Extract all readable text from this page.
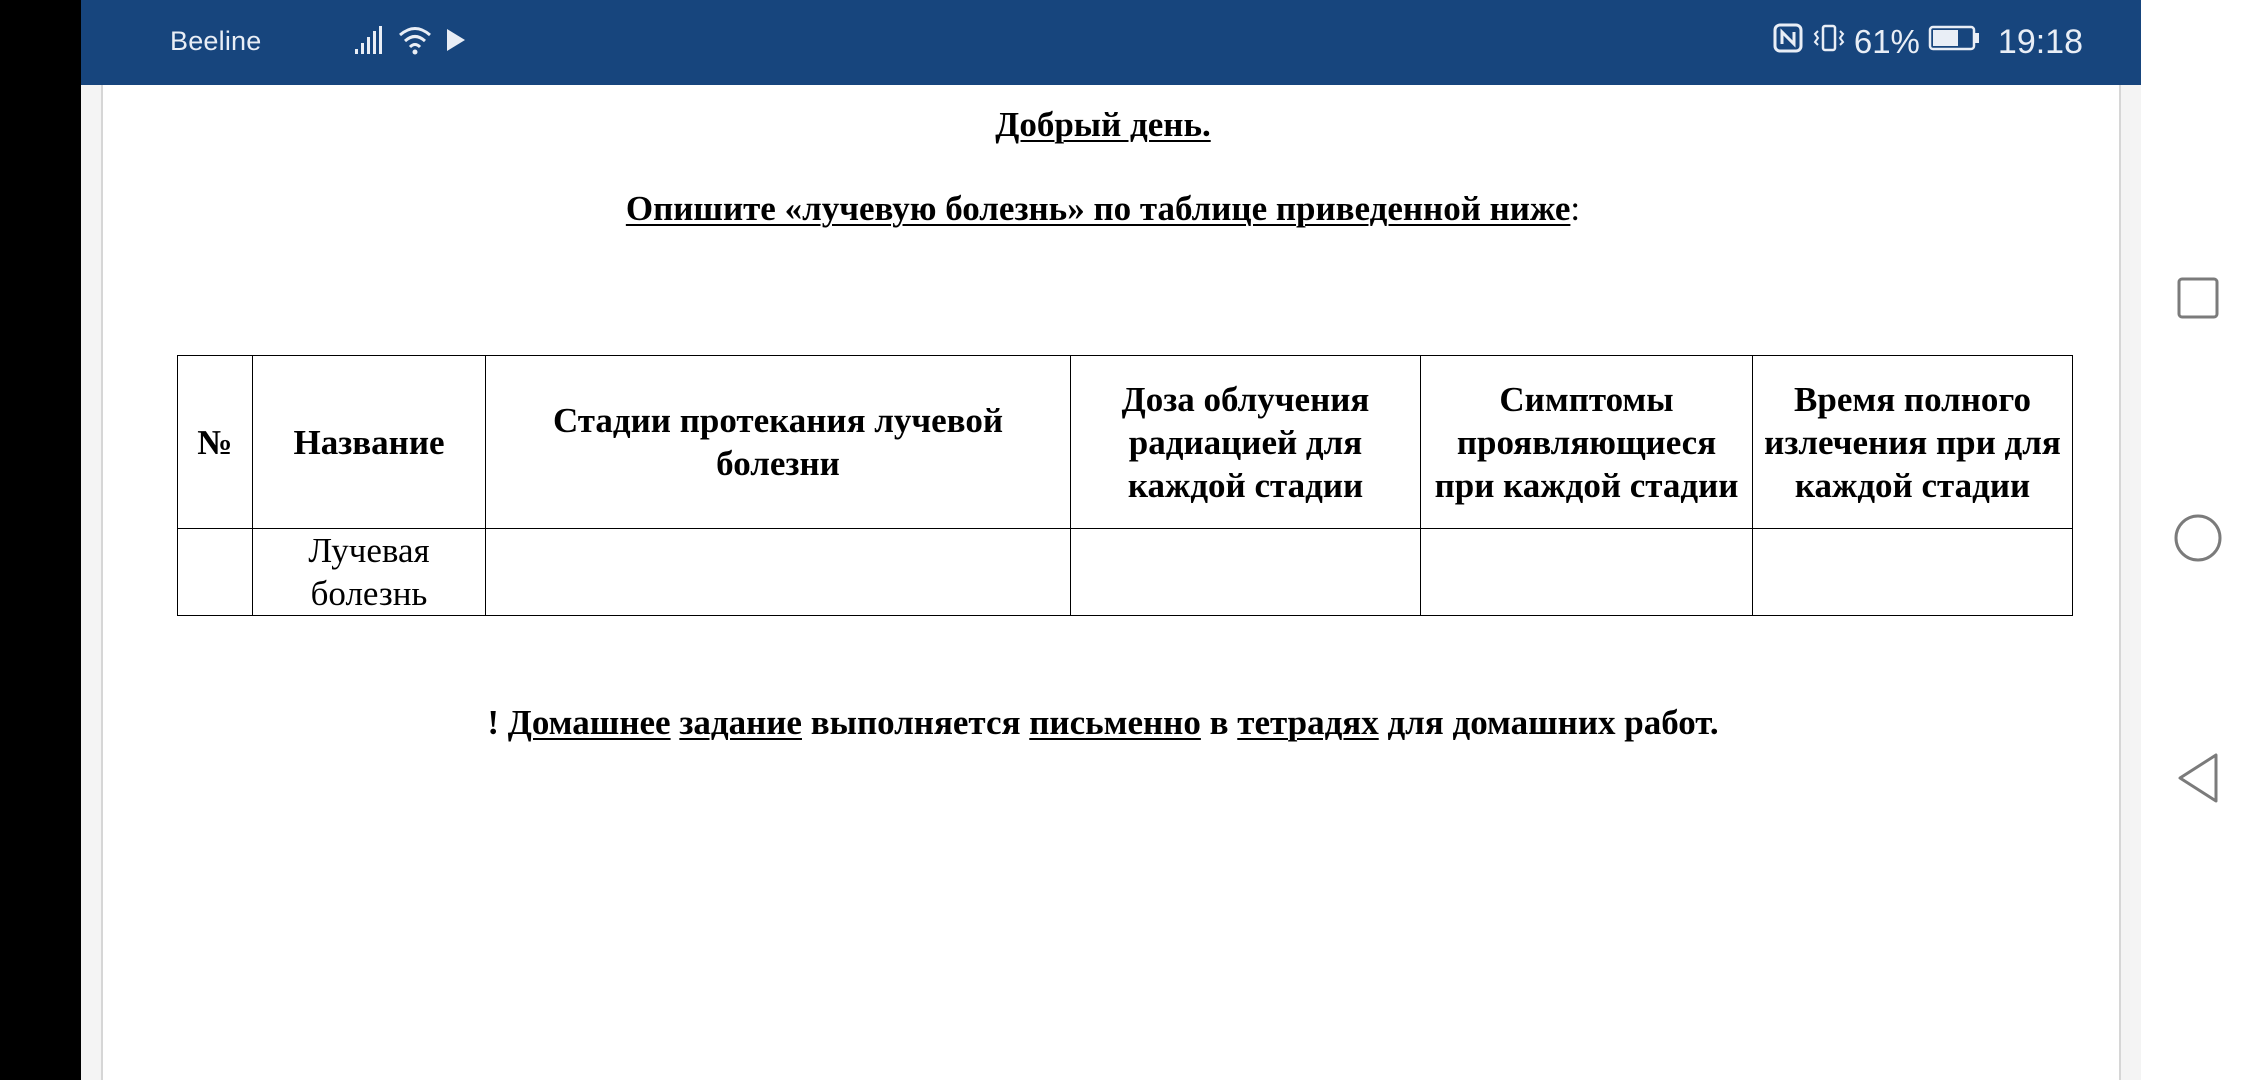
Beeline	61% 19:18
Добрый день.
Опишите «лучевую болезнь» по таблице приведенной ниже:
№	Название	Стадии протекания лучевой болезни	Доза облучения радиацией для каждой стадии	Симптомы проявляющиеся при каждой стадии	Время полного излечения при для каждой стадии
	Лучевая болезнь				
! Домашнее задание выполняется письменно в тетрадях для домашних работ.
